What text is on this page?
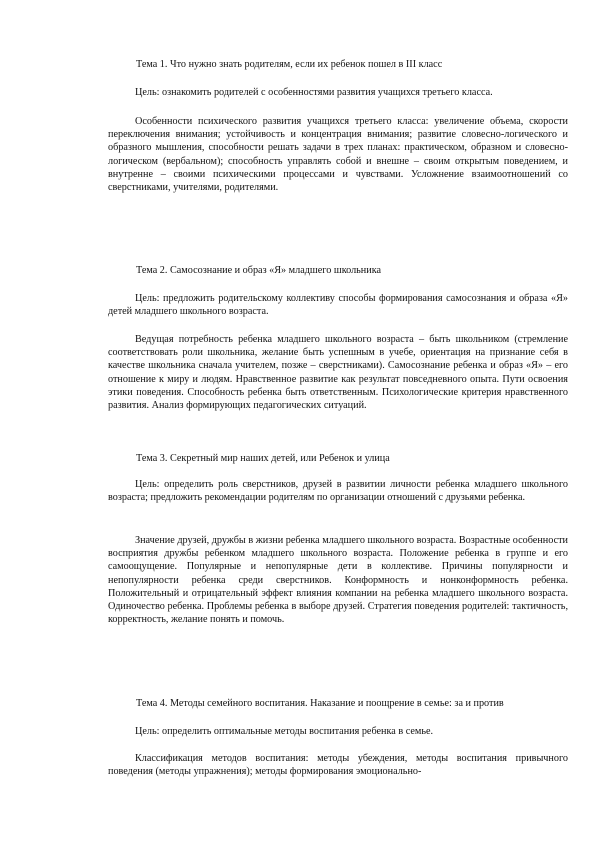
Тема 1. Что нужно знать родителям, если их ребенок пошел в III класс

Цель: ознакомить родителей с особенностями развития учащихся третьего класса.

Особенности психического развития учащихся третьего класса: увеличение объема, скорости переключения внимания; устойчивость и концентрация внимания; развитие словесно-логического и образного мышления, способности решать задачи в трех планах: практическом, образном и словесно-логическом (вербальном); способность управлять собой и внешне – своим открытым поведением, и внутренне – своими психическими процессами и чувствами. Усложнение взаимоотношений со сверстниками, учителями, родителями.

Тема 2. Самосознание и образ «Я» младшего школьника

Цель: предложить родительскому коллективу способы формирования самосознания и образа «Я» детей младшего школьного возраста.

Ведущая потребность ребенка младшего школьного возраста – быть школьником (стремление соответствовать роли школьника, желание быть успешным в учебе, ориентация на признание себя в качестве школьника сначала учителем, позже – сверстниками). Самосознание ребенка и образ «Я» – его отношение к миру и людям. Нравственное развитие как результат повседневного опыта. Пути освоения этики поведения. Способность ребенка быть ответственным. Психологические критерия нравственного развития. Анализ формирующих педагогических ситуаций.

Тема 3. Секретный мир наших детей, или Ребенок и улица

Цель: определить роль сверстников, друзей в развитии личности ребенка младшего школьного возраста; предложить рекомендации родителям по организации отношений с друзьями ребенка.

Значение друзей, дружбы в жизни ребенка младшего школьного возраста. Возрастные особенности восприятия дружбы ребенком младшего школьного возраста. Положение ребенка в группе и его самоощущение. Популярные и непопулярные дети в коллективе. Причины популярности и непопулярности ребенка среди сверстников. Конформность и нонконформность ребенка. Положительный и отрицательный эффект влияния компании на ребенка младшего школьного возраста. Одиночество ребенка. Проблемы ребенка в выборе друзей. Стратегия поведения родителей: тактичность, корректность, желание понять и помочь.

Тема 4. Методы семейного воспитания. Наказание и поощрение в семье: за и против

Цель: определить оптимальные методы воспитания ребенка в семье.

Классификация методов воспитания: методы убеждения, методы воспитания привычного поведения (методы упражнения); методы формирования эмоционально-
